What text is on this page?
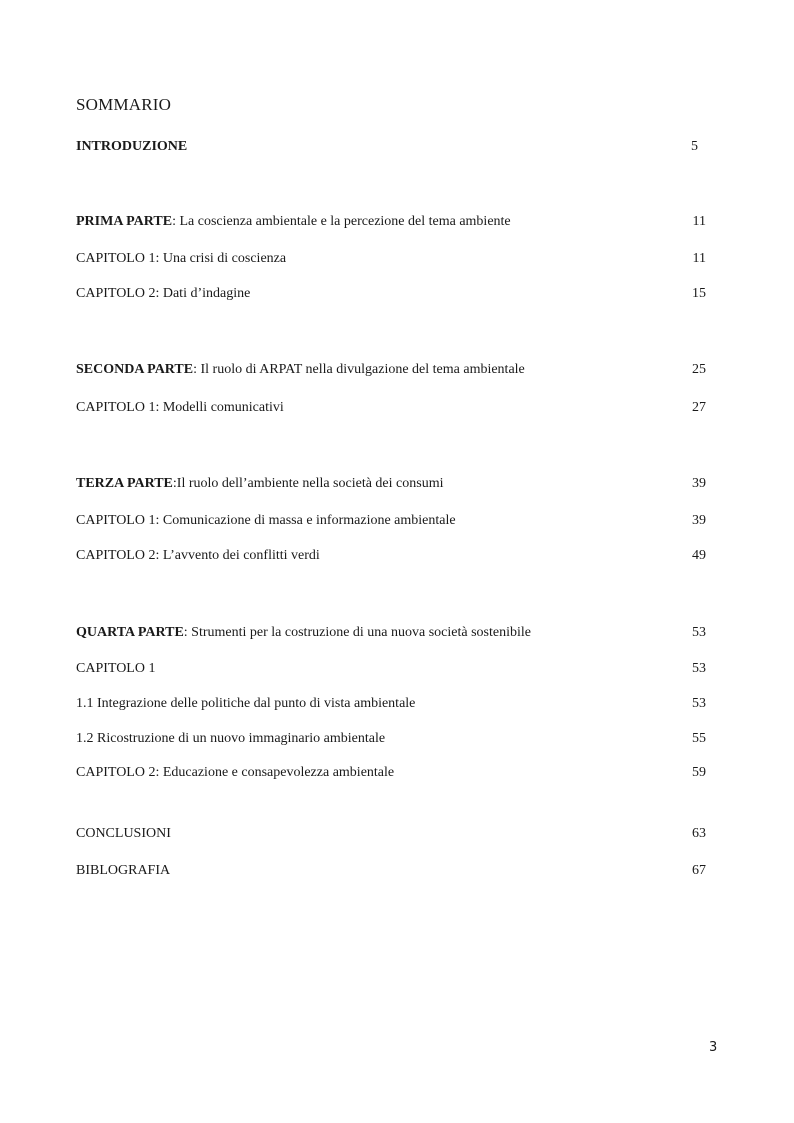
SOMMARIO
INTRODUZIONE	5
PRIMA PARTE: La coscienza ambientale e la percezione del tema ambiente	11
CAPITOLO 1: Una crisi di coscienza	11
CAPITOLO 2: Dati d’indagine	15
SECONDA PARTE: Il ruolo di ARPAT nella divulgazione del tema ambientale	25
CAPITOLO 1: Modelli comunicativi	27
TERZA PARTE:Il ruolo dell’ambiente nella società dei consumi	39
CAPITOLO 1: Comunicazione di massa e informazione ambientale	39
CAPITOLO 2: L’avvento dei conflitti verdi	49
QUARTA PARTE: Strumenti per la costruzione di una nuova società sostenibile	53
CAPITOLO 1	53
1.1 Integrazione delle politiche dal punto di vista ambientale	53
1.2 Ricostruzione di un nuovo immaginario ambientale	55
CAPITOLO 2: Educazione e consapevolezza ambientale	59
CONCLUSIONI	63
BIBLOGRAFIA	67
3
